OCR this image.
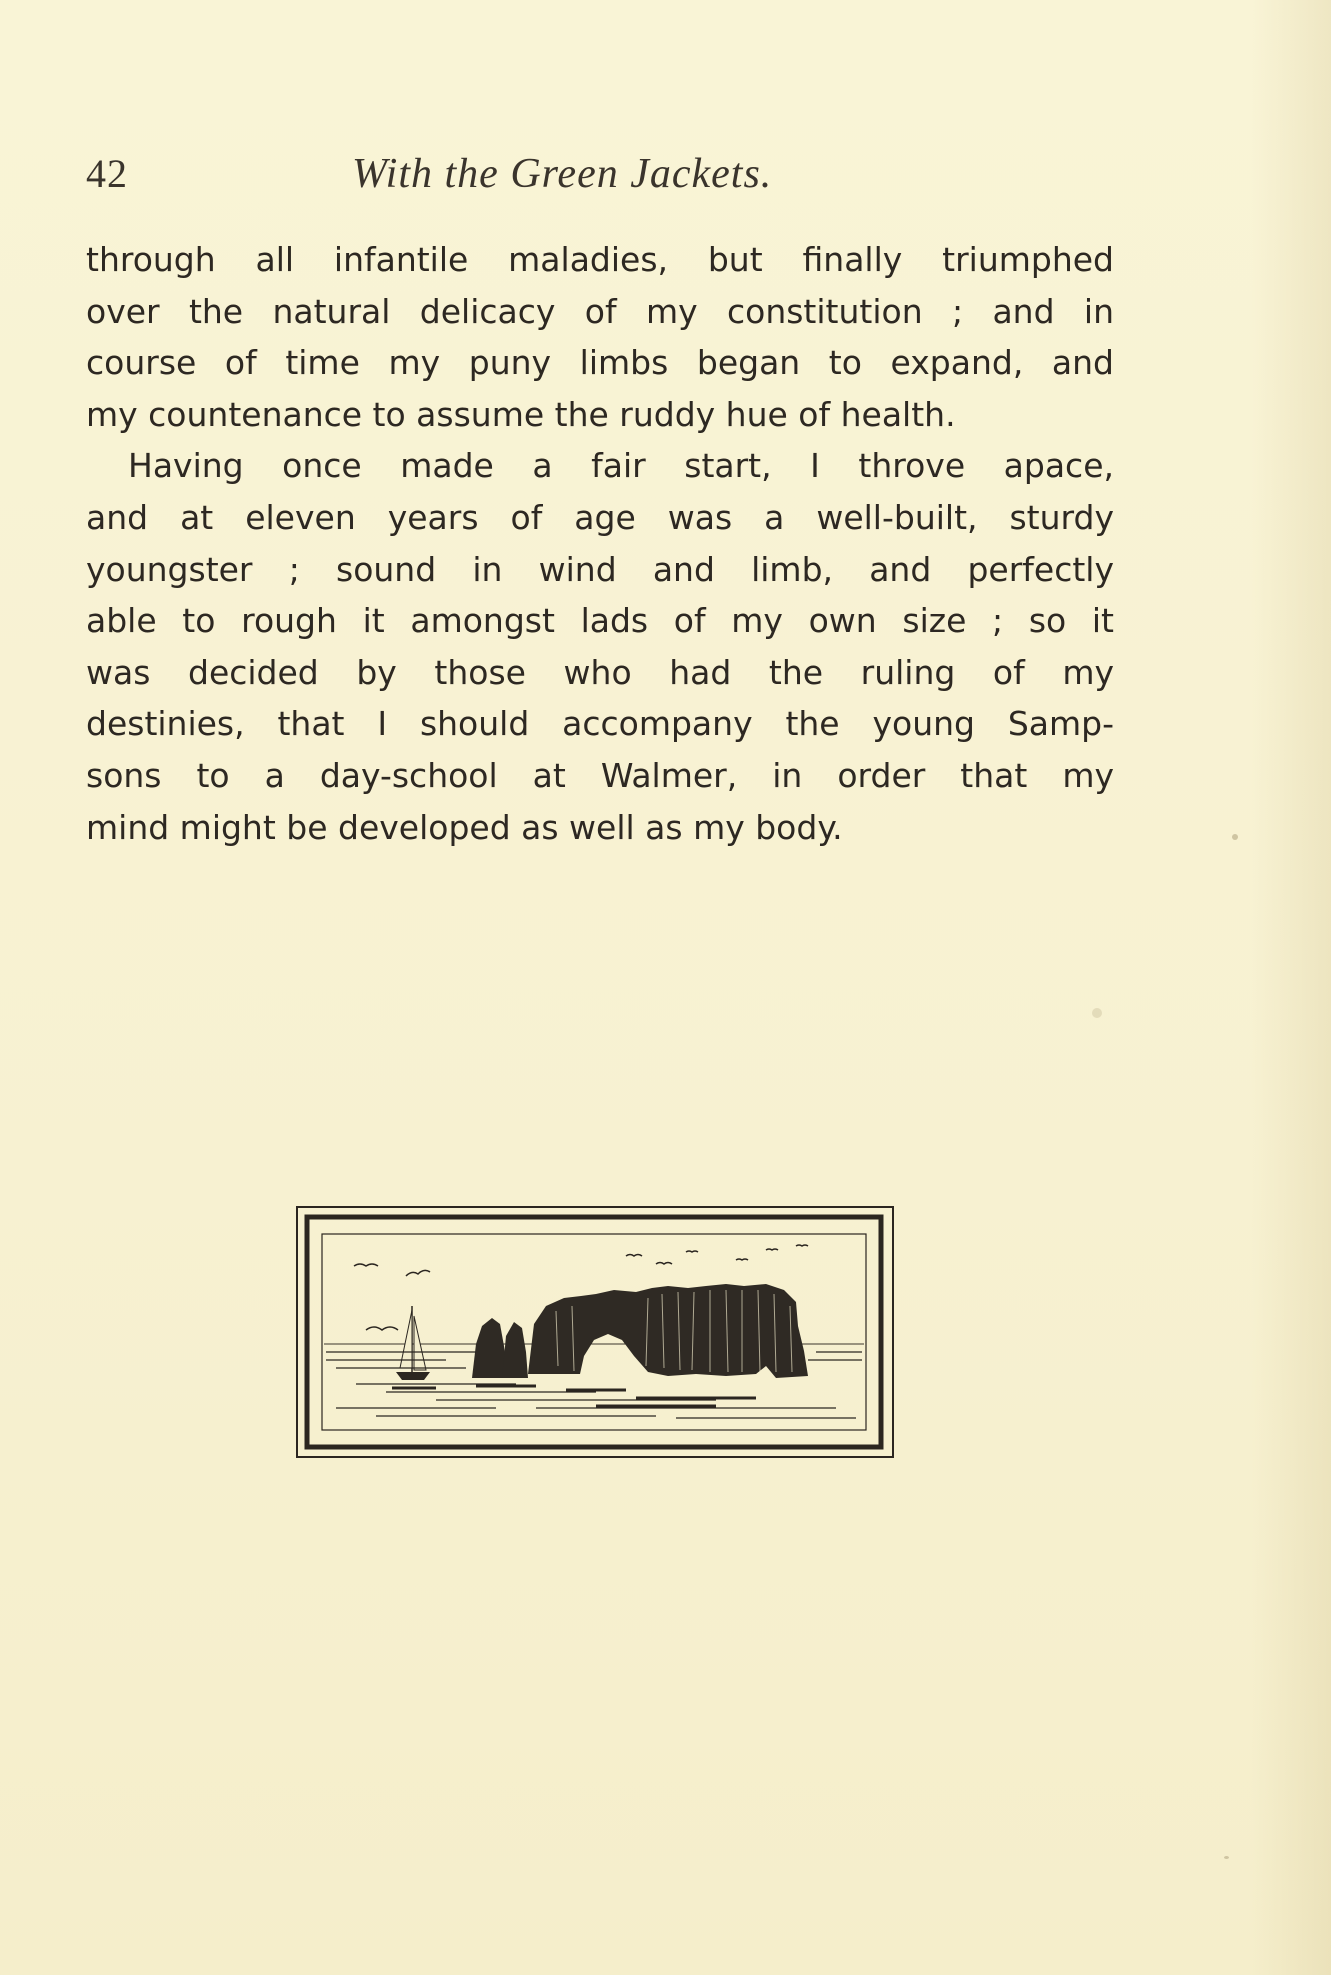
42	With the Green Jackets.
through all infantile maladies, but finally triumphed
over the natural delicacy of my constitution ; and in
course of time my puny limbs began to expand, and
my countenance to assume the ruddy hue of health.
Having once made a fair start, I throve apace,
and at eleven years of age was a well-built, sturdy
youngster ; sound in wind and limb, and perfectly
able to rough it amongst lads of my own size ; so it
was decided by those who had the ruling of my
destinies, that I should accompany the young Samp-
sons to a day-school at Walmer, in order that my
mind might be developed as well as my body.
